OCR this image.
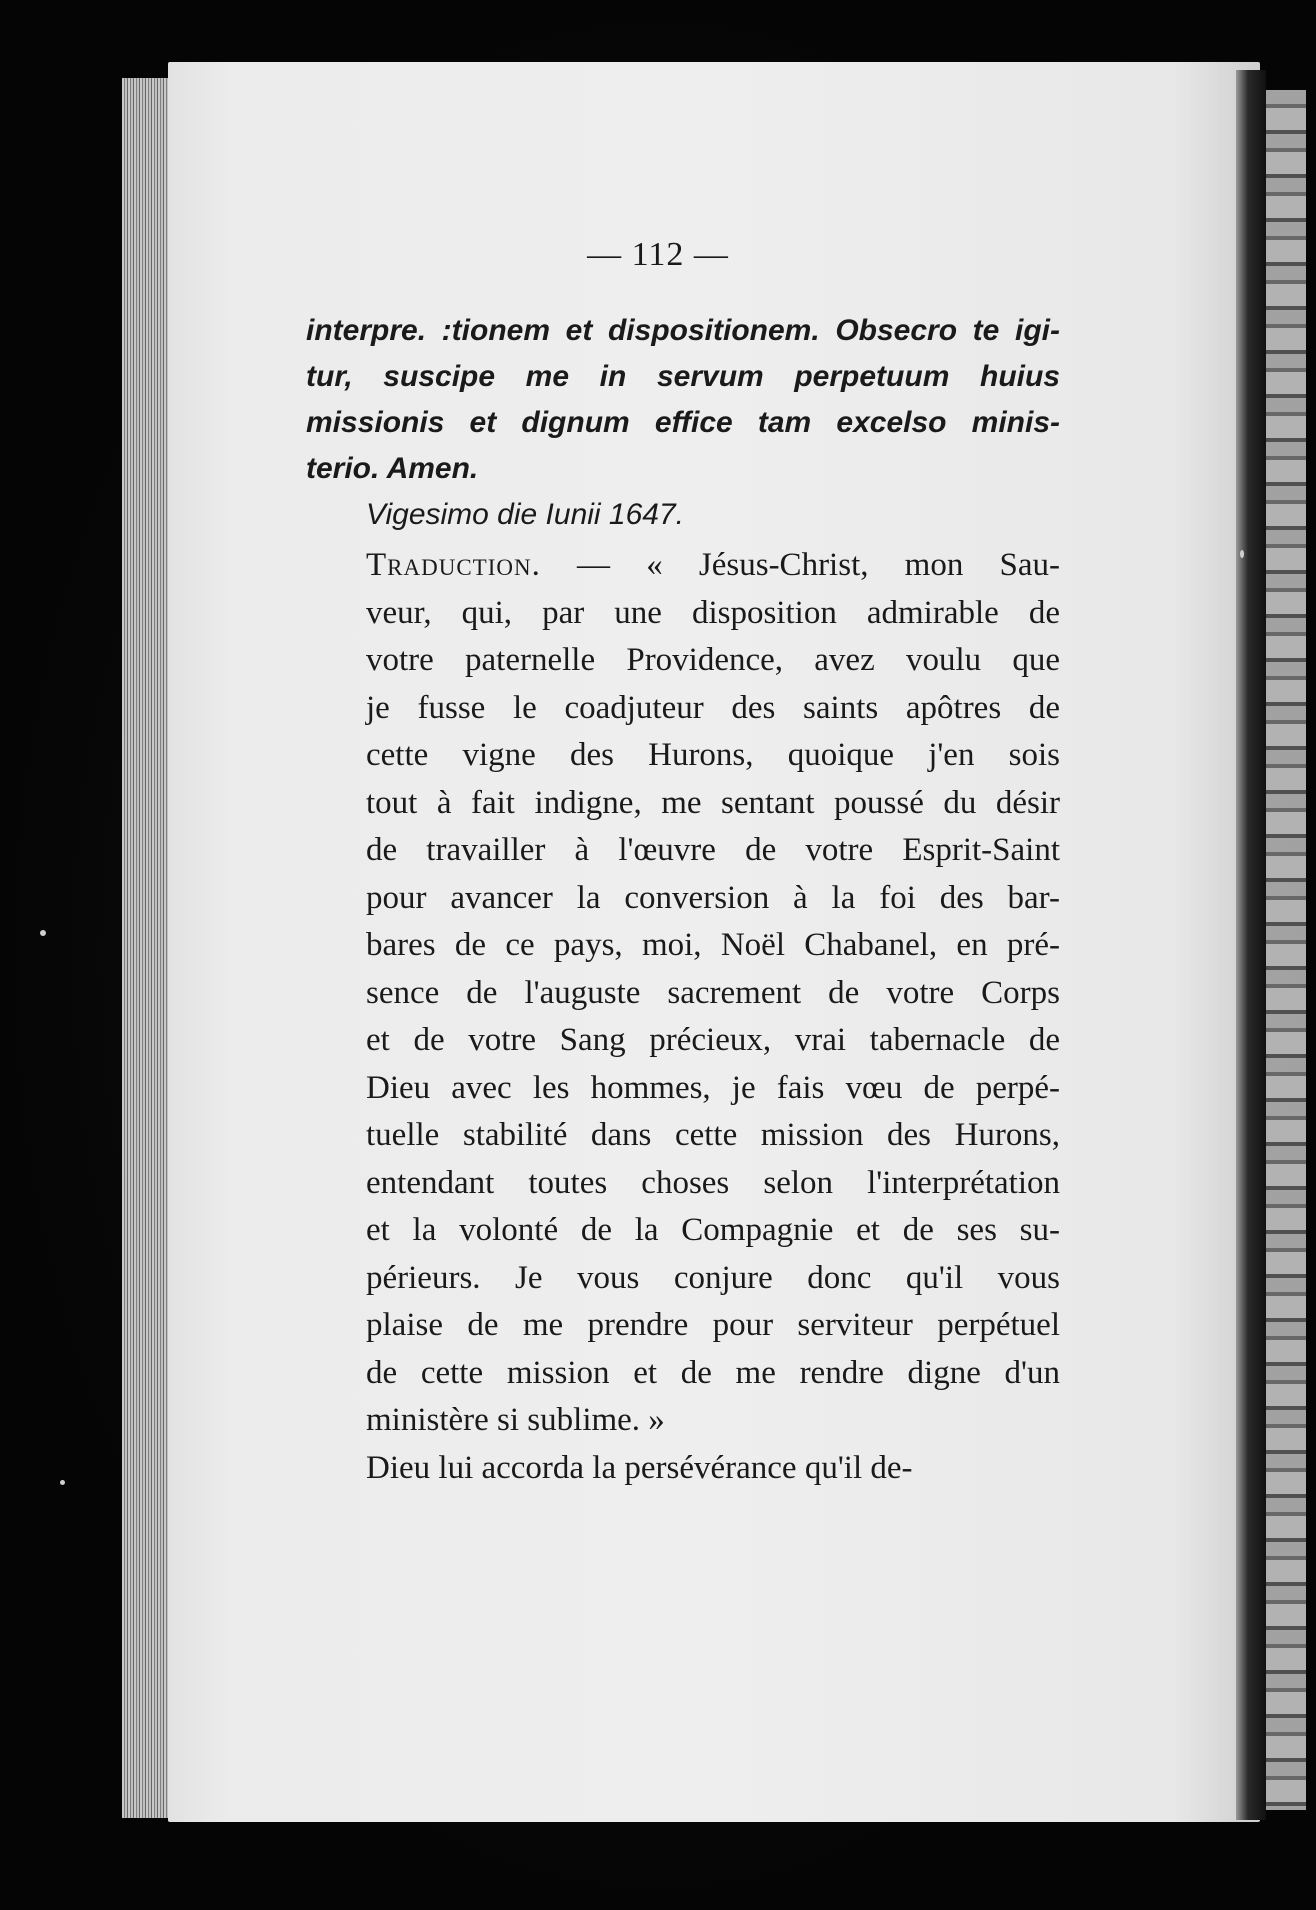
— 112 —
interpre. :tionem et dispositionem. Obsecro te igi-
tur, suscipe me in servum perpetuum huius
missionis et dignum effice tam excelso minis-
terio. Amen.
Vigesimo die Iunii 1647.
Traduction. — « Jésus-Christ, mon Sau-
veur, qui, par une disposition admirable de
votre paternelle Providence, avez voulu que
je fusse le coadjuteur des saints apôtres de
cette vigne des Hurons, quoique j'en sois
tout à fait indigne, me sentant poussé du désir
de travailler à l'œuvre de votre Esprit-Saint
pour avancer la conversion à la foi des bar-
bares de ce pays, moi, Noël Chabanel, en pré-
sence de l'auguste sacrement de votre Corps
et de votre Sang précieux, vrai tabernacle de
Dieu avec les hommes, je fais vœu de perpé-
tuelle stabilité dans cette mission des Hurons,
entendant toutes choses selon l'interprétation
et la volonté de la Compagnie et de ses su-
périeurs. Je vous conjure donc qu'il vous
plaise de me prendre pour serviteur perpétuel
de cette mission et de me rendre digne d'un
ministère si sublime. »
Dieu lui accorda la persévérance qu'il de-
